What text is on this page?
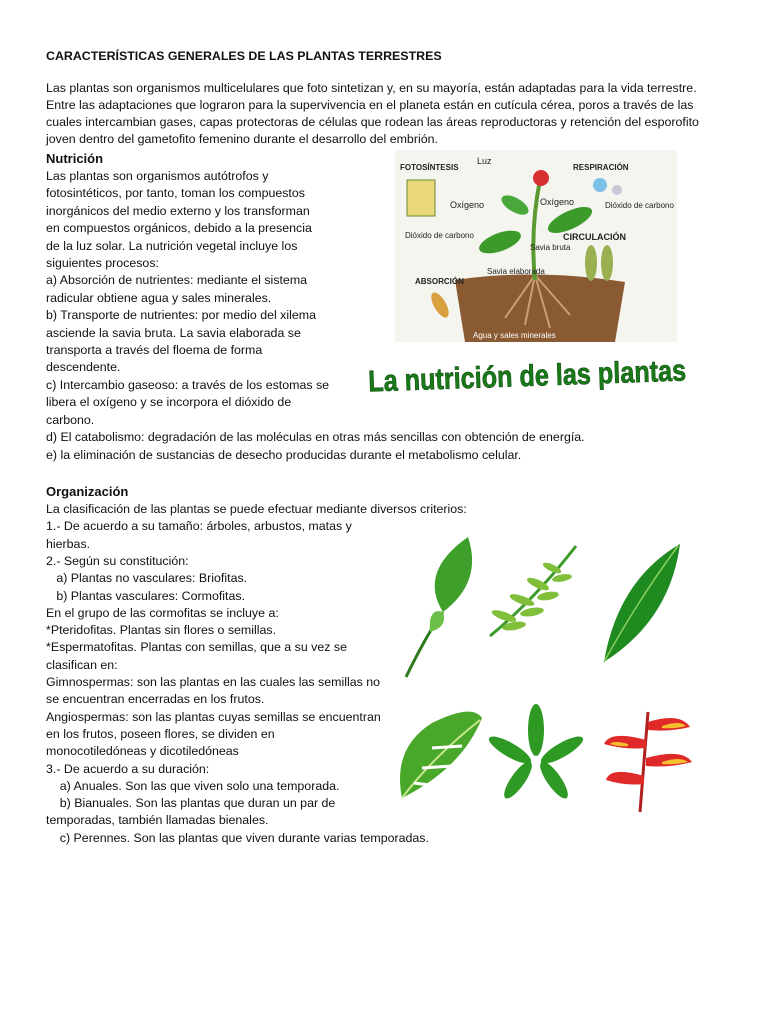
CARACTERÍSTICAS GENERALES DE LAS PLANTAS TERRESTRES
Las plantas son organismos multicelulares que foto sintetizan y, en su mayoría, están adaptadas para la vida terrestre.
Entre las adaptaciones que lograron para la supervivencia en el planeta están en cutícula cérea, poros a través de las
cuales intercambian gases, capas protectoras de células que rodean las áreas reproductoras y retención del esporofito
joven dentro del gametofito femenino durante el desarrollo del embrión.
Nutrición
Las plantas son organismos autótrofos y
fotosintéticos, por tanto, toman los compuestos
inorgánicos del medio externo y los transforman
en compuestos orgánicos, debido a la presencia
de la luz solar. La nutrición vegetal incluye los
siguientes procesos:
a) Absorción de nutrientes: mediante el sistema
radicular obtiene agua y sales minerales.
b) Transporte de nutrientes: por medio del xilema
asciende la savia bruta. La savia elaborada se
transporta a través del floema de forma
descendente.
c) Intercambio gaseoso: a través de los estomas se
libera el oxígeno y se incorpora el dióxido de
carbono.
d) El catabolismo: degradación de las moléculas en otras más sencillas con obtención de energía.
e) la eliminación de sustancias de desecho producidas durante el metabolismo celular.
FOTOSÍNTESIS
Luz
RESPIRACIÓN
Oxígeno	Oxígeno
Dióxido de carbono
Dióxido de carbono
CIRCULACIÓN
Savia bruta
Savia elaborada
ABSORCIÓN
Agua y sales minerales
La nutrición de las plantas
Organización
La clasificación de las plantas se puede efectuar mediante diversos criterios:
1.- De acuerdo a su tamaño: árboles, arbustos, matas y
hierbas.
2.- Según su constitución:
a) Plantas no vasculares: Briofitas.
b) Plantas vasculares: Cormofitas.
En el grupo de las cormofitas se incluye a:
*Pteridofitas. Plantas sin flores o semillas.
*Espermatofitas. Plantas con semillas, que a su vez se
clasifican en:
Gimnospermas: son las plantas en las cuales las semillas no
se encuentran encerradas en los frutos.
Angiospermas: son las plantas cuyas semillas se encuentran
en los frutos, poseen flores, se dividen en
monocotiledóneas y dicotiledóneas
3.- De acuerdo a su duración:
a) Anuales. Son las que viven solo una temporada.
b) Bianuales. Son las plantas que duran un par de
temporadas, también llamadas bienales.
c) Perennes. Son las plantas que viven durante varias temporadas.
